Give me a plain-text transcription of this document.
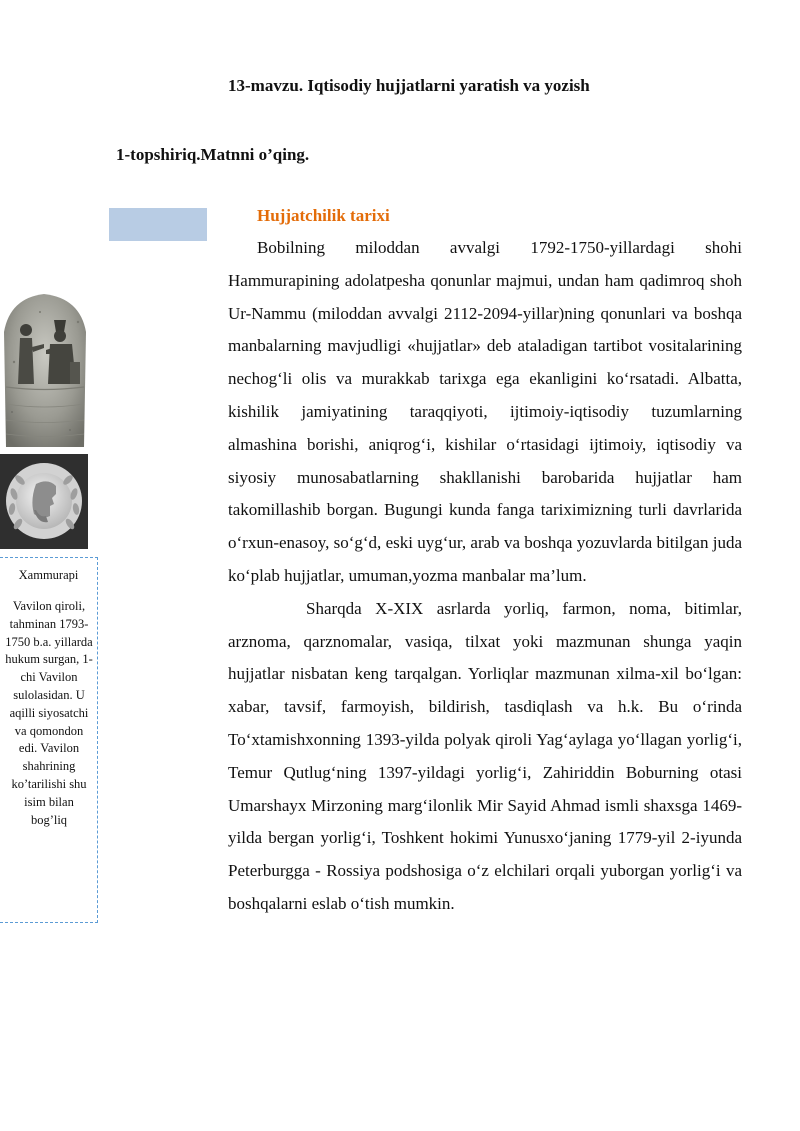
13-mavzu. Iqtisodiy hujjatlarni yaratish va yozish
1-topshiriq.Matnni o’qing.
Hujjatchilik tarixi

Bobilning miloddan avvalgi 1792-1750-yillardagi shohi Hammurapining adolatpesha qonunlar majmui, undan ham qadimroq shoh Ur-Nammu (miloddan avvalgi 2112-2094-yillar)ning qonunlari va boshqa manbalarning mavjudligi «hujjatlar» deb ataladigan tartibot vositalarining nechog‘li olis va murakkab tarixga ega ekanligini ko‘rsatadi. Albatta, kishilik jamiyatining taraqqiyoti, ijtimoiy-iqtisodiy tuzumlarning almashina borishi, aniqrog‘i, kishilar o‘rtasidagi ijtimoiy, iqtisodiy va siyosiy munosabatlarning shakllanishi barobarida hujjatlar ham takomillashib borgan. Bugungi kunda fanga tariximizning turli davrlarida o‘rxun-enasoy, so‘g‘d, eski uyg‘ur, arab va boshqa yozuvlarda bitilgan juda ko‘plab hujjatlar, umuman,yozma manbalar ma’lum.

Sharqda X-XIX asrlarda yorliq, farmon, noma, bitimlar, arznoma, qarznomalar, vasiqa, tilxat yoki mazmunan shunga yaqin hujjatlar nisbatan keng tarqalgan. Yorliqlar mazmunan xilma-xil bo‘lgan: xabar, tavsif, farmoyish, bildirish, tasdiqlash va h.k. Bu o‘rinda To‘xtamishxonning 1393-yilda polyak qiroli Yag‘aylaga yo‘llagan yorlig‘i, Temur Qutlug‘ning 1397-yildagi yorlig‘i, Zahiriddin Boburning otasi Umarshayx Mirzoning marg‘ilonlik Mir Sayid Ahmad ismli shaxsga 1469-yilda bergan yorlig‘i, Toshkent hokimi Yunusxo‘janing 1779-yil 2-iyunda Peterburgga - Rossiya podshosiga o‘z elchilari orqali yuborgan yorlig‘i va boshqalarni eslab o‘tish mumkin.

Xammurapi
Vavilon qiroli, tahminan 1793-1750 b.a. yillarda hukum surgan, 1-chi Vavilon sulolasidan. U aqilli siyosatchi va qomondon edi. Vavilon shahrining ko’tarilishi shu isim bilan bog’liq
